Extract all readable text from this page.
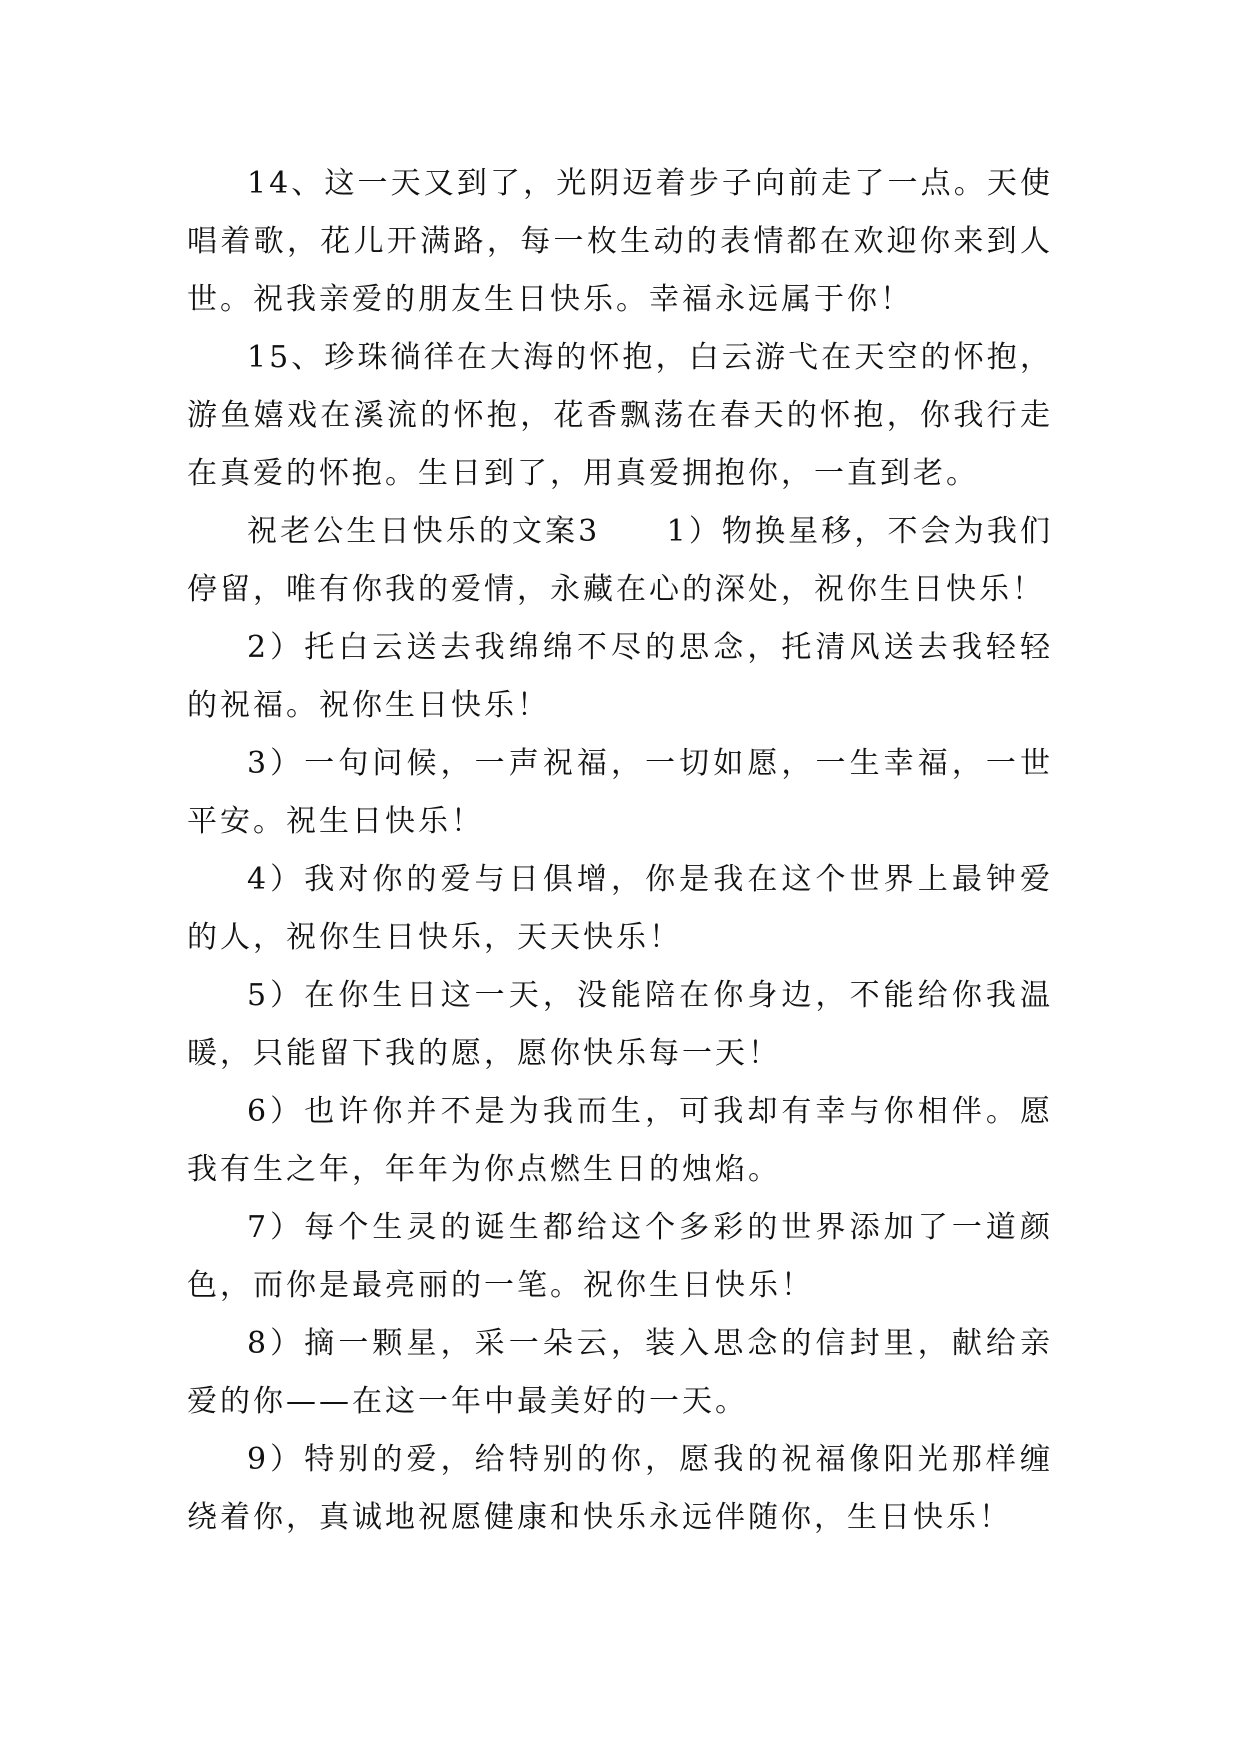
14、这一天又到了，光阴迈着步子向前走了一点。天使唱着歌，花儿开满路，每一枚生动的表情都在欢迎你来到人世。祝我亲爱的朋友生日快乐。幸福永远属于你！

15、珍珠徜徉在大海的怀抱，白云游弋在天空的怀抱，游鱼嬉戏在溪流的怀抱，花香飘荡在春天的怀抱，你我行走在真爱的怀抱。生日到了，用真爱拥抱你，一直到老。

祝老公生日快乐的文案3　　1）物换星移，不会为我们停留，唯有你我的爱情，永藏在心的深处，祝你生日快乐！

2）托白云送去我绵绵不尽的思念，托清风送去我轻轻的祝福。祝你生日快乐！

3）一句问候，一声祝福，一切如愿，一生幸福，一世平安。祝生日快乐！

4）我对你的爱与日俱增，你是我在这个世界上最钟爱的人，祝你生日快乐，天天快乐！

5）在你生日这一天，没能陪在你身边，不能给你我温暖，只能留下我的愿，愿你快乐每一天！

6）也许你并不是为我而生，可我却有幸与你相伴。愿我有生之年，年年为你点燃生日的烛焰。

7）每个生灵的诞生都给这个多彩的世界添加了一道颜色，而你是最亮丽的一笔。祝你生日快乐！

8）摘一颗星，采一朵云，装入思念的信封里，献给亲爱的你——在这一年中最美好的一天。

9）特别的爱，给特别的你，愿我的祝福像阳光那样缠绕着你，真诚地祝愿健康和快乐永远伴随你，生日快乐！
